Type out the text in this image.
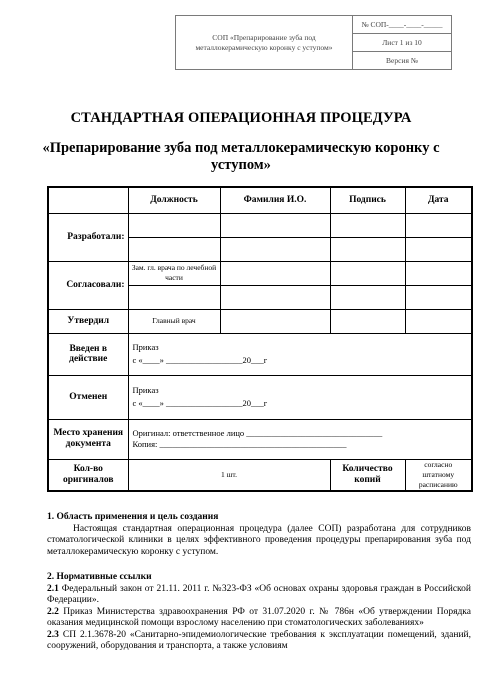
СОП «Препарирование зуба под металлокерамическую коронку с уступом»	№ СОП-____-____-_____
Лист 1 из 10
Версия №
СТАНДАРТНАЯ ОПЕРАЦИОННАЯ ПРОЦЕДУРА
«Препарирование зуба под металлокерамическую коронку с уступом»
	Должность	Фамилия И.О.	Подпись	Дата
Разработали:				

Согласовали:	Зам. гл. врача по лечебной части			

Утвердил	Главный врач			
Введен в действие	Приказ
с «____» __________________20___г			

Отменен	Приказ
с «____» __________________20___г			

Место хранения документа	Оригинал: ответственное лицо ________________________________
Копия: ____________________________________________			

Кол-во оригиналов	1 шт.		Количество копий	согласно штатному расписанию

1. Область применения и цель создания

Настоящая стандартная операционная процедура (далее СОП) разработана для сотрудников стоматологической клиники в целях эффективного проведения процедуры препарирования зуба под металлокерамическую коронку с уступом.

2. Нормативные ссылки

2.1 Федеральный закон от 21.11. 2011 г. №323-ФЗ «Об основах охраны здоровья граждан в Российской Федерации».

2.2 Приказ Министерства здравоохранения РФ от 31.07.2020 г. № 786н «Об утверждении Порядка оказания медицинской помощи взрослому населению при стоматологических заболеваниях»

2.3 СП 2.1.3678-20 «Санитарно-эпидемиологические требования к эксплуатации помещений, зданий, сооружений, оборудования и транспорта, а также условиям
